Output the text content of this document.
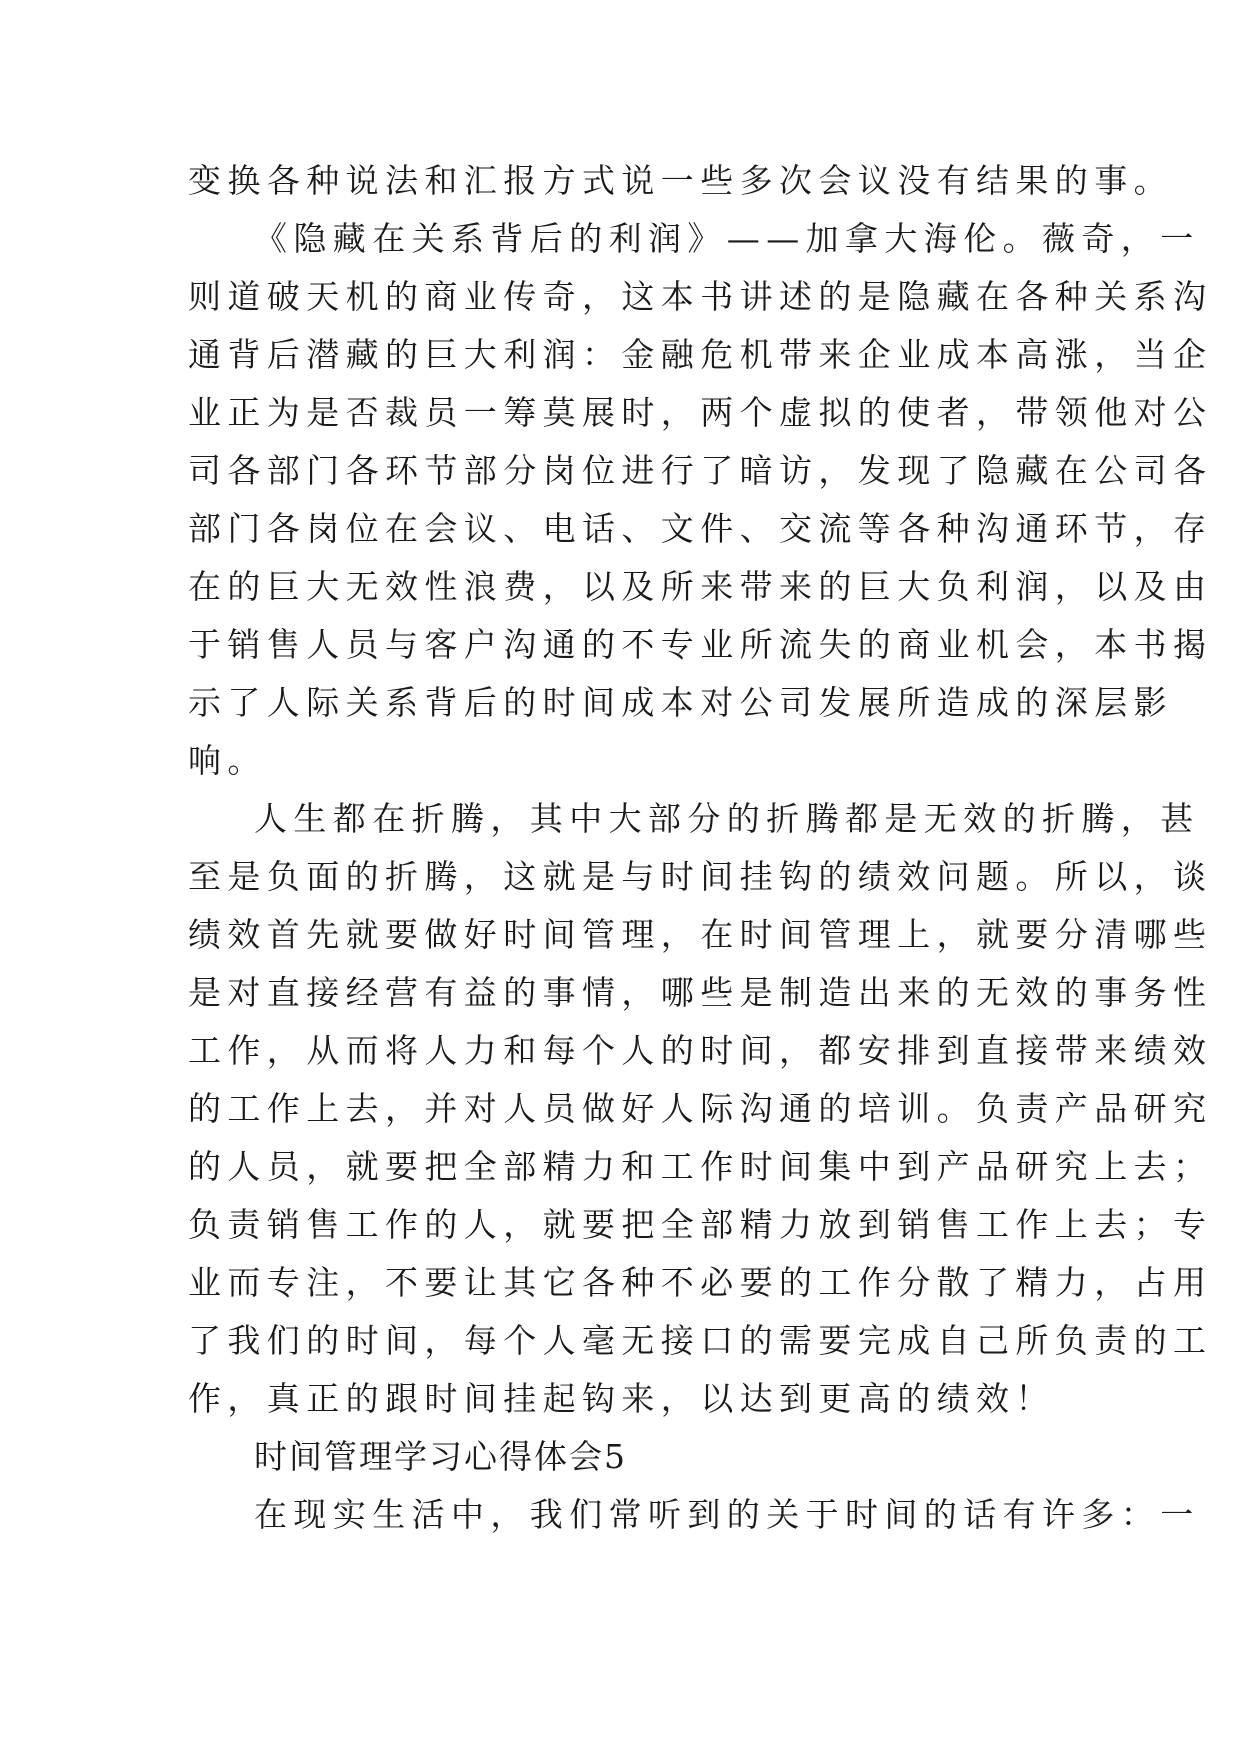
变换各种说法和汇报方式说一些多次会议没有结果的事。
《隐藏在关系背后的利润》——加拿大海伦。薇奇，一
则道破天机的商业传奇，这本书讲述的是隐藏在各种关系沟
通背后潜藏的巨大利润：金融危机带来企业成本高涨，当企
业正为是否裁员一筹莫展时，两个虚拟的使者，带领他对公
司各部门各环节部分岗位进行了暗访，发现了隐藏在公司各
部门各岗位在会议、电话、文件、交流等各种沟通环节，存
在的巨大无效性浪费，以及所来带来的巨大负利润，以及由
于销售人员与客户沟通的不专业所流失的商业机会，本书揭
示了人际关系背后的时间成本对公司发展所造成的深层影
响。
人生都在折腾，其中大部分的折腾都是无效的折腾，甚
至是负面的折腾，这就是与时间挂钩的绩效问题。所以，谈
绩效首先就要做好时间管理，在时间管理上，就要分清哪些
是对直接经营有益的事情，哪些是制造出来的无效的事务性
工作，从而将人力和每个人的时间，都安排到直接带来绩效
的工作上去，并对人员做好人际沟通的培训。负责产品研究
的人员，就要把全部精力和工作时间集中到产品研究上去；
负责销售工作的人，就要把全部精力放到销售工作上去；专
业而专注，不要让其它各种不必要的工作分散了精力，占用
了我们的时间，每个人毫无接口的需要完成自己所负责的工
作，真正的跟时间挂起钩来，以达到更高的绩效！
时间管理学习心得体会5
在现实生活中，我们常听到的关于时间的话有许多：一
